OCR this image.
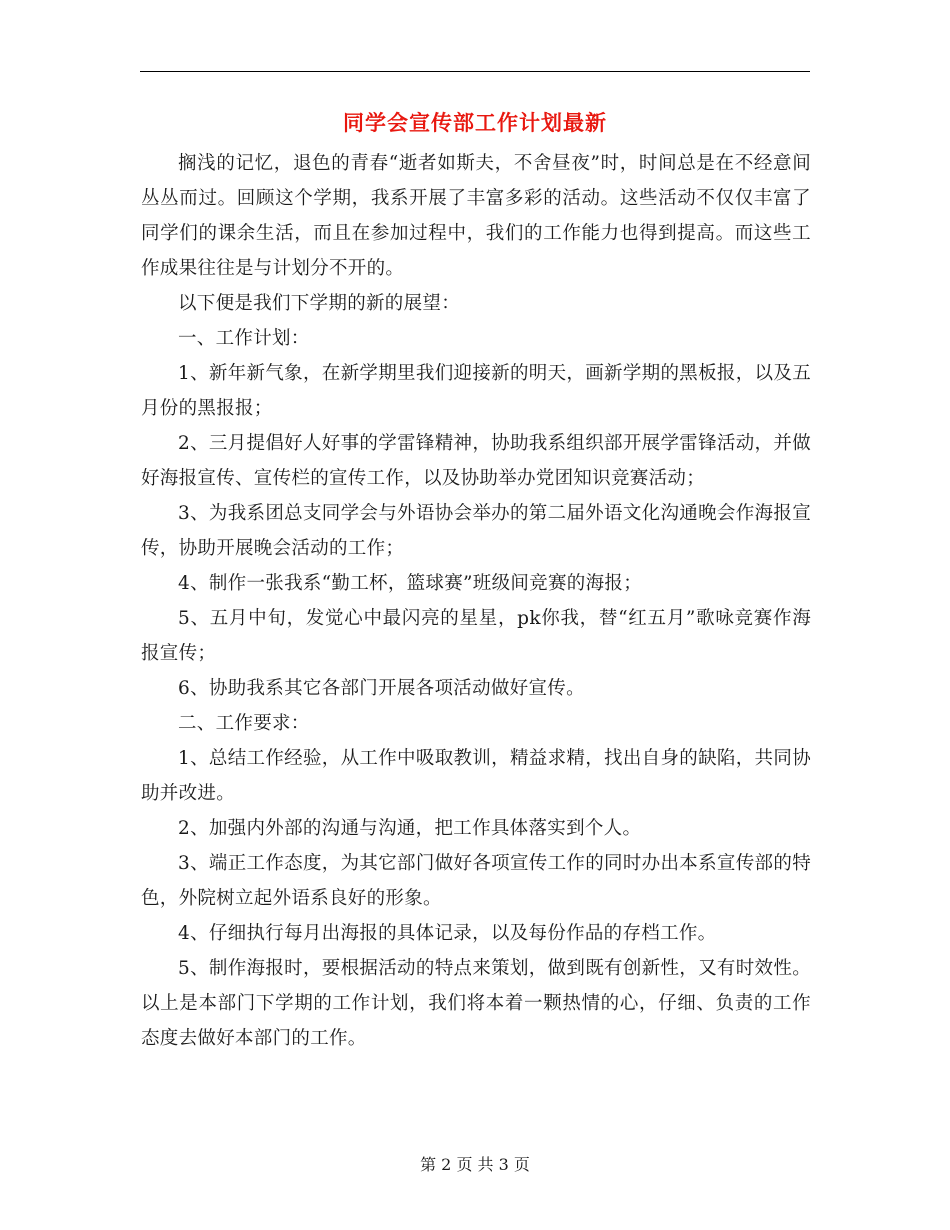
同学会宣传部工作计划最新

搁浅的记忆，退色的青春“逝者如斯夫，不舍昼夜”时，时间总是在不经意间丛丛而过。回顾这个学期，我系开展了丰富多彩的活动。这些活动不仅仅丰富了同学们的课余生活，而且在参加过程中，我们的工作能力也得到提高。而这些工作成果往往是与计划分不开的。

以下便是我们下学期的新的展望：

一、工作计划：

1、新年新气象，在新学期里我们迎接新的明天，画新学期的黑板报，以及五月份的黑报报；

2、三月提倡好人好事的学雷锋精神，协助我系组织部开展学雷锋活动，并做好海报宣传、宣传栏的宣传工作，以及协助举办党团知识竞赛活动；

3、为我系团总支同学会与外语协会举办的第二届外语文化沟通晚会作海报宣传，协助开展晚会活动的工作；

4、制作一张我系“勤工杯，篮球赛”班级间竞赛的海报；

5、五月中旬，发觉心中最闪亮的星星，pk你我，替“红五月”歌咏竞赛作海报宣传；

6、协助我系其它各部门开展各项活动做好宣传。

二、工作要求：

1、总结工作经验，从工作中吸取教训，精益求精，找出自身的缺陷，共同协助并改进。

2、加强内外部的沟通与沟通，把工作具体落实到个人。

3、端正工作态度，为其它部门做好各项宣传工作的同时办出本系宣传部的特色，外院树立起外语系良好的形象。

4、仔细执行每月出海报的具体记录，以及每份作品的存档工作。

5、制作海报时，要根据活动的特点来策划，做到既有创新性，又有时效性。以上是本部门下学期的工作计划，我们将本着一颗热情的心，仔细、负责的工作态度去做好本部门的工作。

第 2 页 共 3 页
